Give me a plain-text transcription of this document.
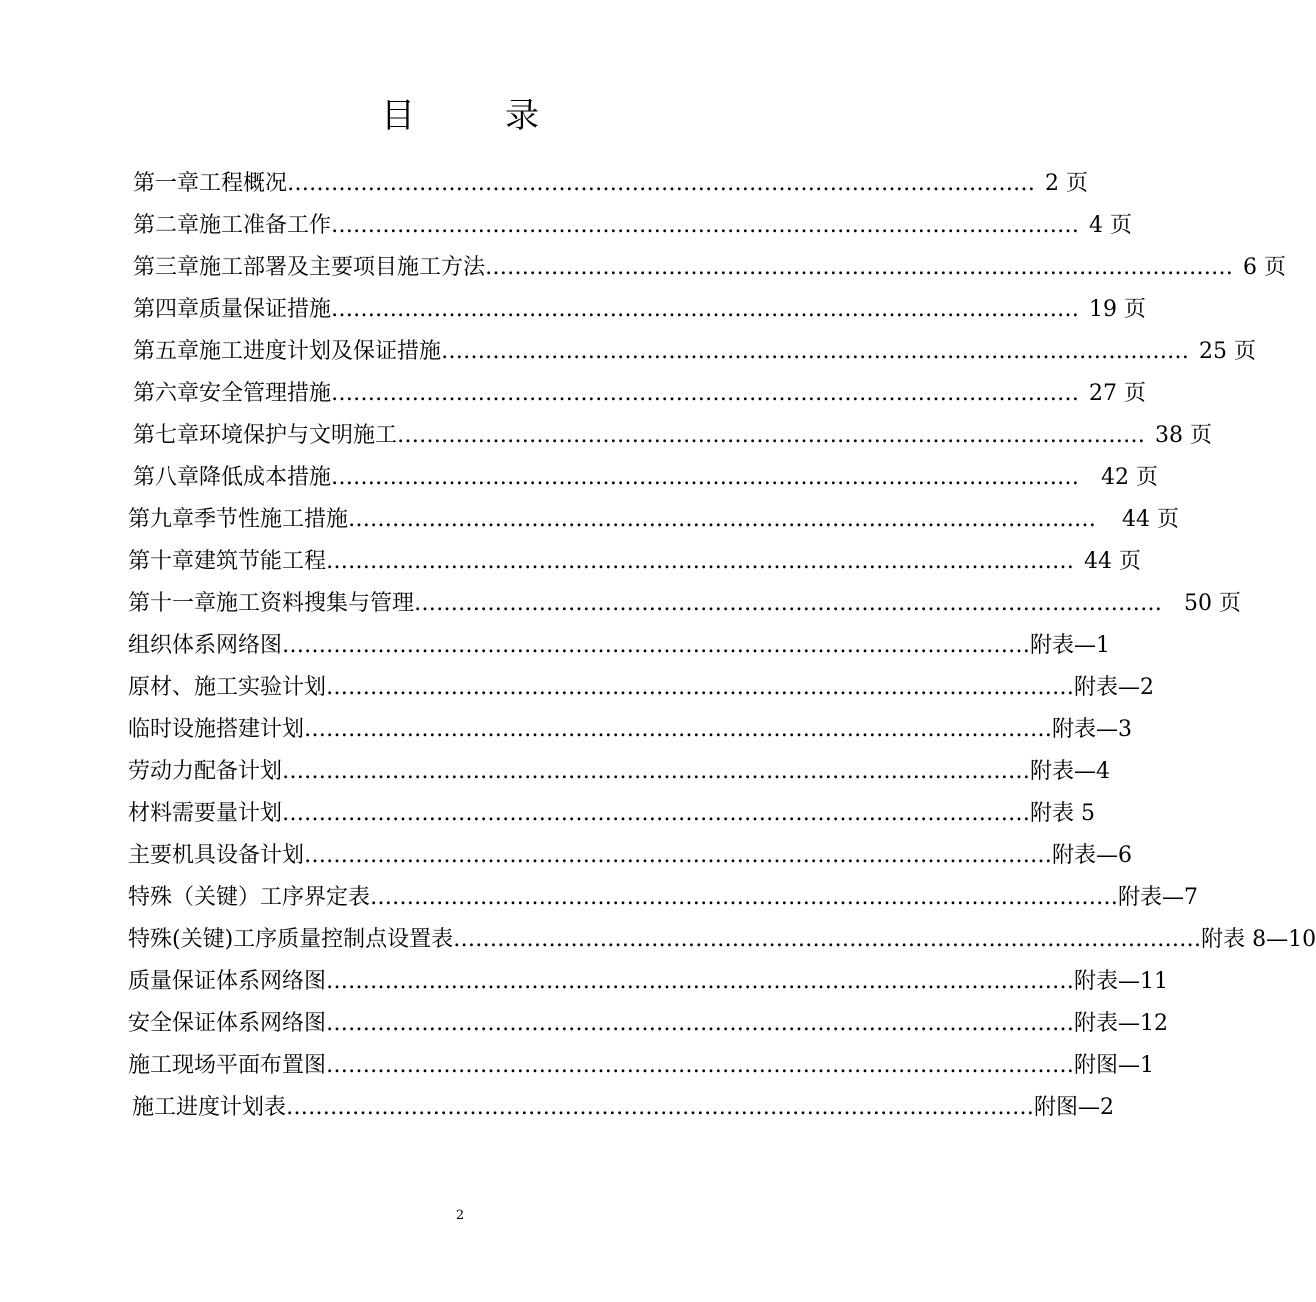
目	录
第一章 工程概况 ………………………………………………………………………………………… 2 页
第二章 施工准备工作 ………………………………………………………………………………………… 4 页
第三章 施工部署及主要项目施工方法 ………………………………………………………………………………………… 6 页
第四章 质量保证措施 ………………………………………………………………………………………… 19 页
第五章 施工进度计划及保证措施 ………………………………………………………………………………………… 25 页
第六章 安全管理措施 ………………………………………………………………………………………… 27 页
第七章 环境保护与文明施工 ………………………………………………………………………………………… 38 页
第八章 降低成本措施 …………………………………………………………………………………………	42 页
第九章 季节性施工措施 …………………………………………………………………………………………	44 页
第十章 建筑节能工程 ………………………………………………………………………………………… 44 页
第十一章 施工资料搜集与管理 …………………………………………………………………………………………	50 页
组织体系网络图 ………………………………………………………………………………………… 附表—1
原材、施工实验计划 ………………………………………………………………………………………… 附表—2
临时设施搭建计划 ………………………………………………………………………………………… 附表—3
劳动力配备计划 ………………………………………………………………………………………… 附表—4
材料需要量计划 ………………………………………………………………………………………… 附表 5
主要机具设备计划 ………………………………………………………………………………………… 附表—6
特殊（关键）工序界定表 ………………………………………………………………………………………… 附表—7
特殊(关键)工序质量控制点设置表 ………………………………………………………………………………………… 附表 8—10
质量保证体系网络图 ………………………………………………………………………………………… 附表—11
安全保证体系网络图 ………………………………………………………………………………………… 附表—12
施工现场平面布置图 ………………………………………………………………………………………… 附图—1
施工进度计划表 ………………………………………………………………………………………… 附图—2
2
